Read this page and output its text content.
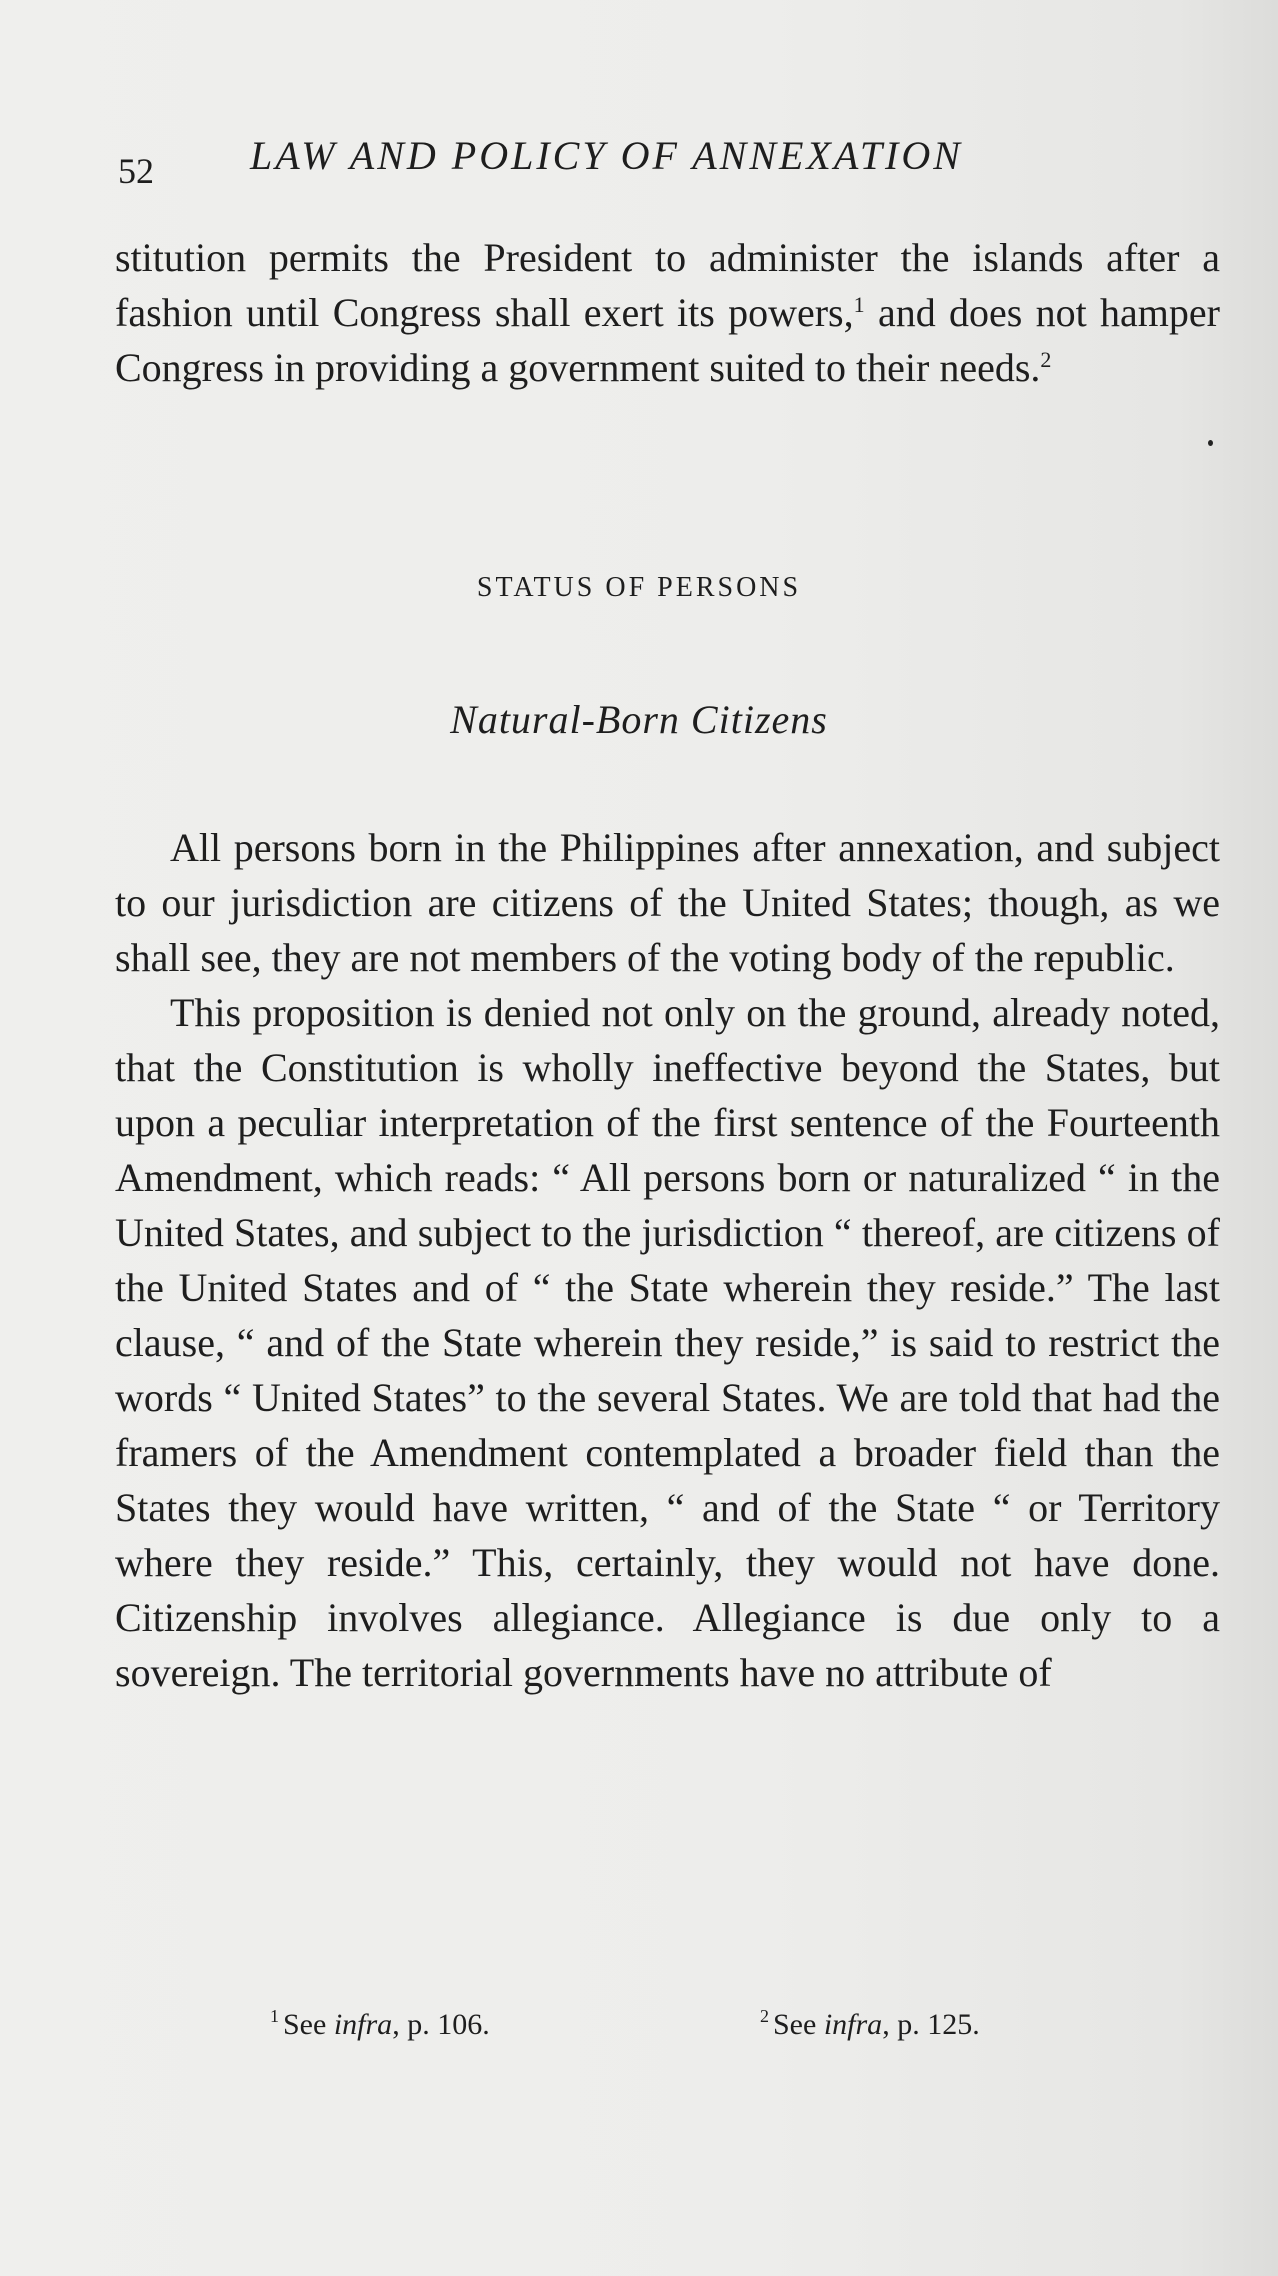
52 LAW AND POLICY OF ANNEXATION

stitution permits the President to administer the islands after a fashion until Congress shall exert its powers,$^1$ and does not hamper Congress in providing a government suited to their needs.$^2$

STATUS OF PERSONS
Natural-Born Citizens

All persons born in the Philippines after annexation, and subject to our jurisdiction are citizens of the United States; though, as we shall see, they are not members of the voting body of the republic.

This proposition is denied not only on the ground, already noted, that the Constitution is wholly ineffective beyond the States, but upon a peculiar interpretation of the first sentence of the Fourteenth Amendment, which reads: “ All persons born or naturalized “ in the United States, and subject to the jurisdiction “ thereof, are citizens of the United States and of “ the State wherein they reside.” The last clause, “ and of the State wherein they reside,” is said to restrict the words “ United States” to the several States. We are told that had the framers of the Amendment contemplated a broader field than the States they would have written, “ and of the State “ or Territory where they reside.” This, certainly, they would not have done. Citizenship involves allegiance. Allegiance is due only to a sovereign. The territorial governments have no attribute of

$^1$ See infra, p. 106.	$^2$ See infra, p. 125.
